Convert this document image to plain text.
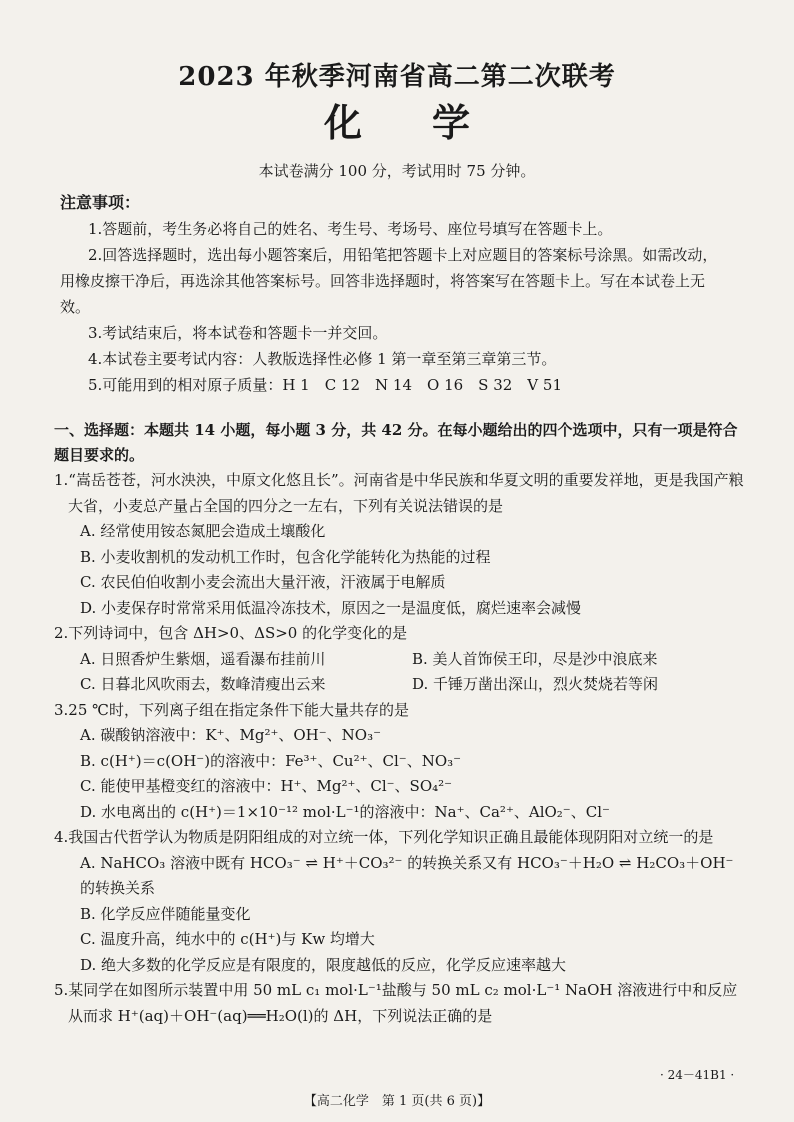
2023 年秋季河南省高二第二次联考
化学
本试卷满分 100 分，考试用时 75 分钟。
注意事项：

1.答题前，考生务必将自己的姓名、考生号、考场号、座位号填写在答题卡上。

2.回答选择题时，选出每小题答案后，用铅笔把答题卡上对应题目的答案标号涂黑。如需改动，用橡皮擦干净后，再选涂其他答案标号。回答非选择题时，将答案写在答题卡上。写在本试卷上无效。

3.考试结束后，将本试卷和答题卡一并交回。

4.本试卷主要考试内容：人教版选择性必修 1 第一章至第三章第三节。

5.可能用到的相对原子质量：H 1　C 12　N 14　O 16　S 32　V 51

一、选择题：本题共 14 小题，每小题 3 分，共 42 分。在每小题给出的四个选项中，只有一项是符合题目要求的。

1.“嵩岳苍苍，河水泱泱，中原文化悠且长”。河南省是中华民族和华夏文明的重要发祥地，更是我国产粮大省，小麦总产量占全国的四分之一左右，下列有关说法错误的是

A. 经常使用铵态氮肥会造成土壤酸化

B. 小麦收割机的发动机工作时，包含化学能转化为热能的过程

C. 农民伯伯收割小麦会流出大量汗液，汗液属于电解质

D. 小麦保存时常常采用低温冷冻技术，原因之一是温度低，腐烂速率会减慢

2.下列诗词中，包含 ΔH>0、ΔS>0 的化学变化的是

A. 日照香炉生紫烟，遥看瀑布挂前川	B. 美人首饰侯王印，尽是沙中浪底来
C. 日暮北风吹雨去，数峰清瘦出云来	D. 千锤万凿出深山，烈火焚烧若等闲

3.25 ℃时，下列离子组在指定条件下能大量共存的是

A. 碳酸钠溶液中：K⁺、Mg²⁺、OH⁻、NO₃⁻

B. c(H⁺)＝c(OH⁻)的溶液中：Fe³⁺、Cu²⁺、Cl⁻、NO₃⁻

C. 能使甲基橙变红的溶液中：H⁺、Mg²⁺、Cl⁻、SO₄²⁻

D. 水电离出的 c(H⁺)＝1×10⁻¹² mol·L⁻¹的溶液中：Na⁺、Ca²⁺、AlO₂⁻、Cl⁻

4.我国古代哲学认为物质是阴阳组成的对立统一体，下列化学知识正确且最能体现阴阳对立统一的是

A. NaHCO₃ 溶液中既有 HCO₃⁻ ⇌ H⁺＋CO₃²⁻ 的转换关系又有 HCO₃⁻＋H₂O ⇌ H₂CO₃＋OH⁻ 的转换关系

B. 化学反应伴随能量变化

C. 温度升高，纯水中的 c(H⁺)与 Kw 均增大

D. 绝大多数的化学反应是有限度的，限度越低的反应，化学反应速率越大

5.某同学在如图所示装置中用 50 mL c₁ mol·L⁻¹盐酸与 50 mL c₂ mol·L⁻¹ NaOH 溶液进行中和反应从而求 H⁺(aq)＋OH⁻(aq)══H₂O(l)的 ΔH，下列说法正确的是

· 24－41B1 ·
【高二化学　第 1 页(共 6 页)】
